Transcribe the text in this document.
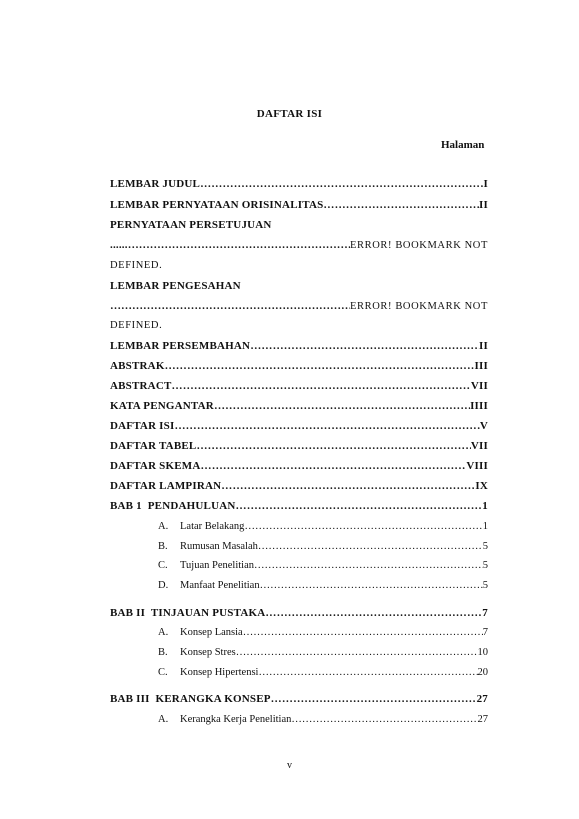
DAFTAR ISI
Halaman
LEMBAR JUDUL ……………………………………………………………………………………………………………………………………………………	I
LEMBAR PERNYATAAN ORISINALITAS ……………………………………………………………………………………………………………………………………………………	II
PERNYATAAN PERSETUJUAN
...... ……………………………………………………………………………………………………………………………………………………	ERROR! BOOKMARK NOT
DEFINED.
LEMBAR PENGESAHAN
……………………………………………………………………………………………………………………………………………………
ERROR! BOOKMARK NOT
DEFINED.
LEMBAR PERSEMBAHAN ……………………………………………………………………………………………………………………………………………………	II
ABSTRAK ……………………………………………………………………………………………………………………………………………………	III
ABSTRACT ……………………………………………………………………………………………………………………………………………………	VII
KATA PENGANTAR ……………………………………………………………………………………………………………………………………………………	IIII
DAFTAR ISI ……………………………………………………………………………………………………………………………………………………	V
DAFTAR TABEL ……………………………………………………………………………………………………………………………………………………	VII
DAFTAR SKEMA ……………………………………………………………………………………………………………………………………………………	VIII
DAFTAR LAMPIRAN ……………………………………………………………………………………………………………………………………………………	IX
BAB 1  PENDAHULUAN ……………………………………………………………………………………………………………………………………………………	1
A. Latar Belakang ………………………………………………………………………………………………………………………………………………	1
B. Rumusan Masalah ………………………………………………………………………………………………………………………………………………	5
C. Tujuan Penelitian ………………………………………………………………………………………………………………………………………………	5
D. Manfaat Penelitian ………………………………………………………………………………………………………………………………………………	5
BAB II  TINJAUAN PUSTAKA ……………………………………………………………………………………………………………………………………………………	7
A. Konsep Lansia ………………………………………………………………………………………………………………………………………………	7
B. Konsep Stres ………………………………………………………………………………………………………………………………………………	10
C. Konsep Hipertensi ………………………………………………………………………………………………………………………………………………	20
BAB III  KERANGKA KONSEP ……………………………………………………………………………………………………………………………………………………	27
A. Kerangka Kerja Penelitian ………………………………………………………………………………………………………………………………………………	27
v
